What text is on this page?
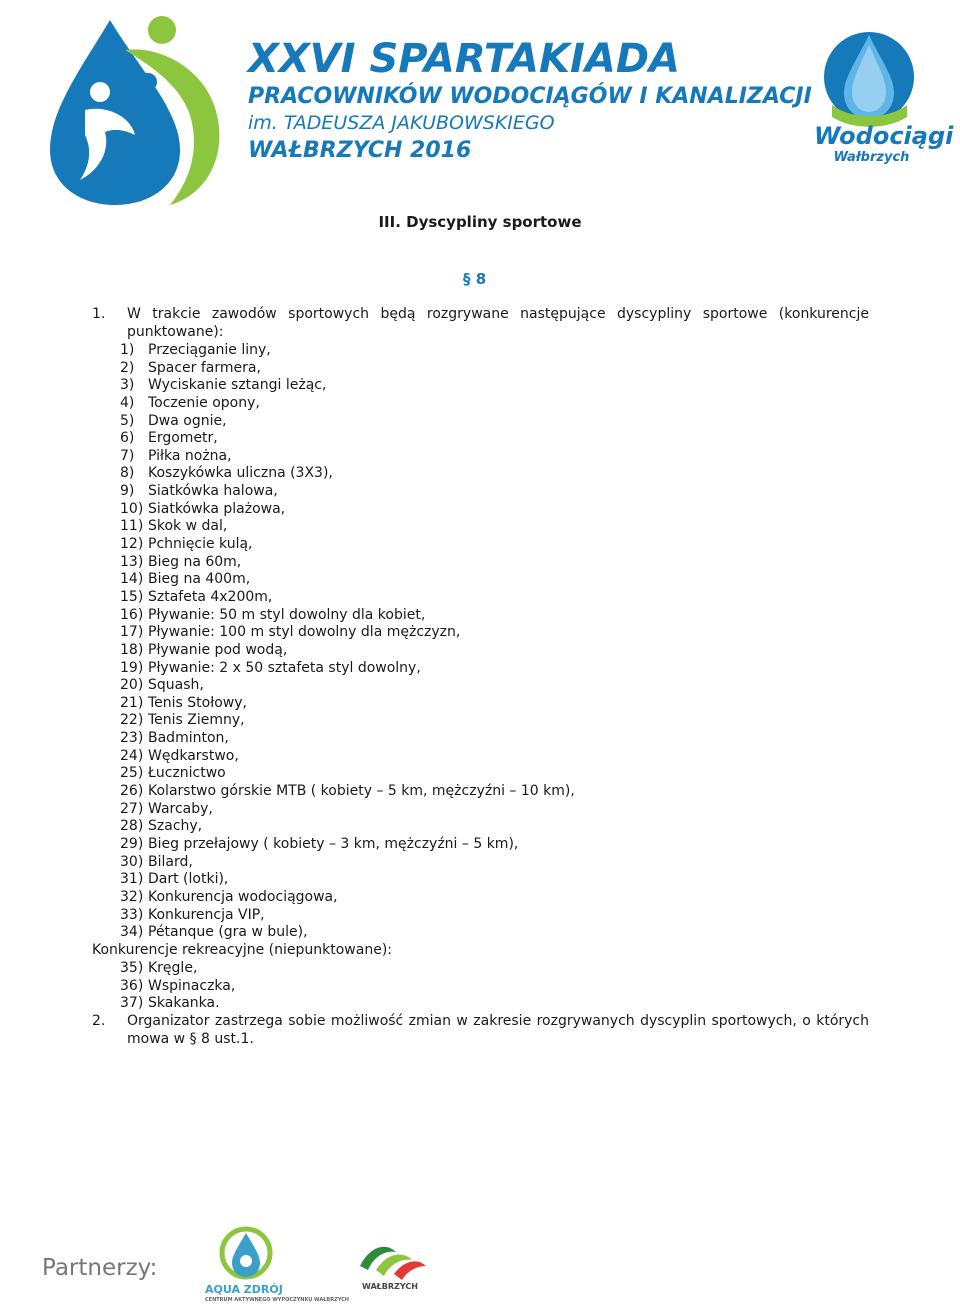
XXVI SPARTAKIADA
PRACOWNIKÓW WODOCIĄGÓW I KANALIZACJI
im. TADEUSZA JAKUBOWSKIEGO
WAŁBRZYCH 2016
Wodociągi
Wałbrzych
III. Dyscypliny sportowe
§ 8
1. W trakcie zawodów sportowych będą rozgrywane następujące dyscypliny sportowe (konkurencje punktowane):
1) Przeciąganie liny,
2) Spacer farmera,
3) Wyciskanie sztangi leżąc,
4) Toczenie opony,
5) Dwa ognie,
6) Ergometr,
7) Piłka nożna,
8) Koszykówka uliczna (3X3),
9) Siatkówka halowa,
10) Siatkówka plażowa,
11) Skok w dal,
12) Pchnięcie kulą,
13) Bieg na 60m,
14) Bieg na 400m,
15) Sztafeta 4x200m,
16) Pływanie: 50 m styl dowolny dla kobiet,
17) Pływanie: 100 m styl dowolny dla mężczyzn,
18) Pływanie pod wodą,
19) Pływanie: 2 x 50 sztafeta styl dowolny,
20) Squash,
21) Tenis Stołowy,
22) Tenis Ziemny,
23) Badminton,
24) Wędkarstwo,
25) Łucznictwo
26) Kolarstwo górskie MTB ( kobiety – 5 km, mężczyźni – 10 km),
27) Warcaby,
28) Szachy,
29) Bieg przełajowy ( kobiety – 3 km, mężczyźni – 5 km),
30) Bilard,
31) Dart (lotki),
32) Konkurencja wodociągowa,
33) Konkurencja VIP,
34) Pétanque (gra w bule),
Konkurencje rekreacyjne (niepunktowane):
35) Kręgle,
36) Wspinaczka,
37) Skakanka.
2. Organizator zastrzega sobie możliwość zmian w zakresie rozgrywanych dyscyplin sportowych, o których mowa w § 8 ust.1.
Partnerzy:
AQUA ZDRÓJ
CENTRUM AKTYWNEGO WYPOCZYNKU WAŁBRZYCH
WAŁBRZYCH
